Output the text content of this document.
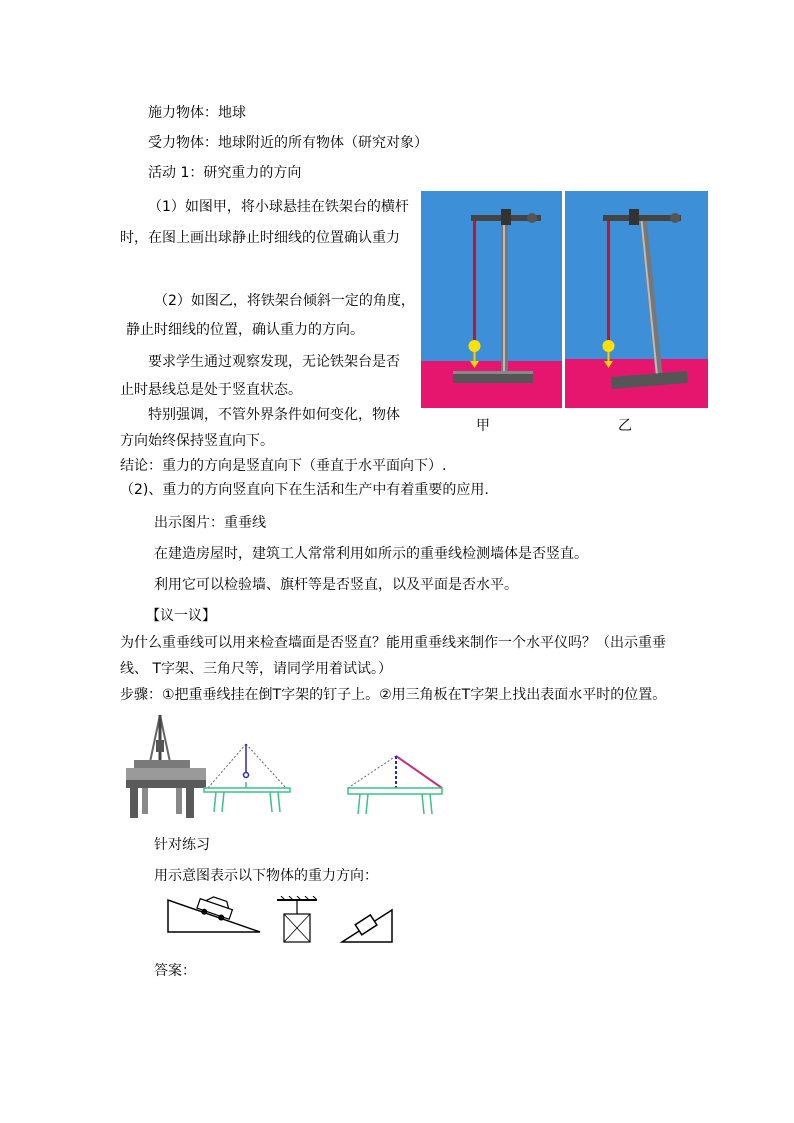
施力物体：地球
受力物体：地球附近的所有物体（研究对象）
活动 1：研究重力的方向
（1）如图甲，将小球悬挂在铁架台的横杆
时，在图上画出球静止时细线的位置确认重力
（2）如图乙，将铁架台倾斜一定的角度，
静止时细线的位置，确认重力的方向。
要求学生通过观察发现，无论铁架台是否
止时悬线总是处于竖直状态。
特别强调，不管外界条件如何变化，物体
方向始终保持竖直向下。
结论：重力的方向是竖直向下（垂直于水平面向下）.
（2)、重力的方向竖直向下在生活和生产中有着重要的应用.
出示图片：重垂线
在建造房屋时，建筑工人常常利用如所示的重垂线检测墙体是否竖直。
利用它可以检验墙、旗杆等是否竖直，以及平面是否水平。
【议一议】
为什么重垂线可以用来检查墙面是否竖直？能用重垂线来制作一个水平仪吗？（出示重垂
线、 T字架、三角尺等，请同学用着试试。）
步骤：①把重垂线挂在倒T字架的钉子上。②用三角板在T字架上找出表面水平时的位置。
针对练习
用示意图表示以下物体的重力方向：
答案：
甲	乙
